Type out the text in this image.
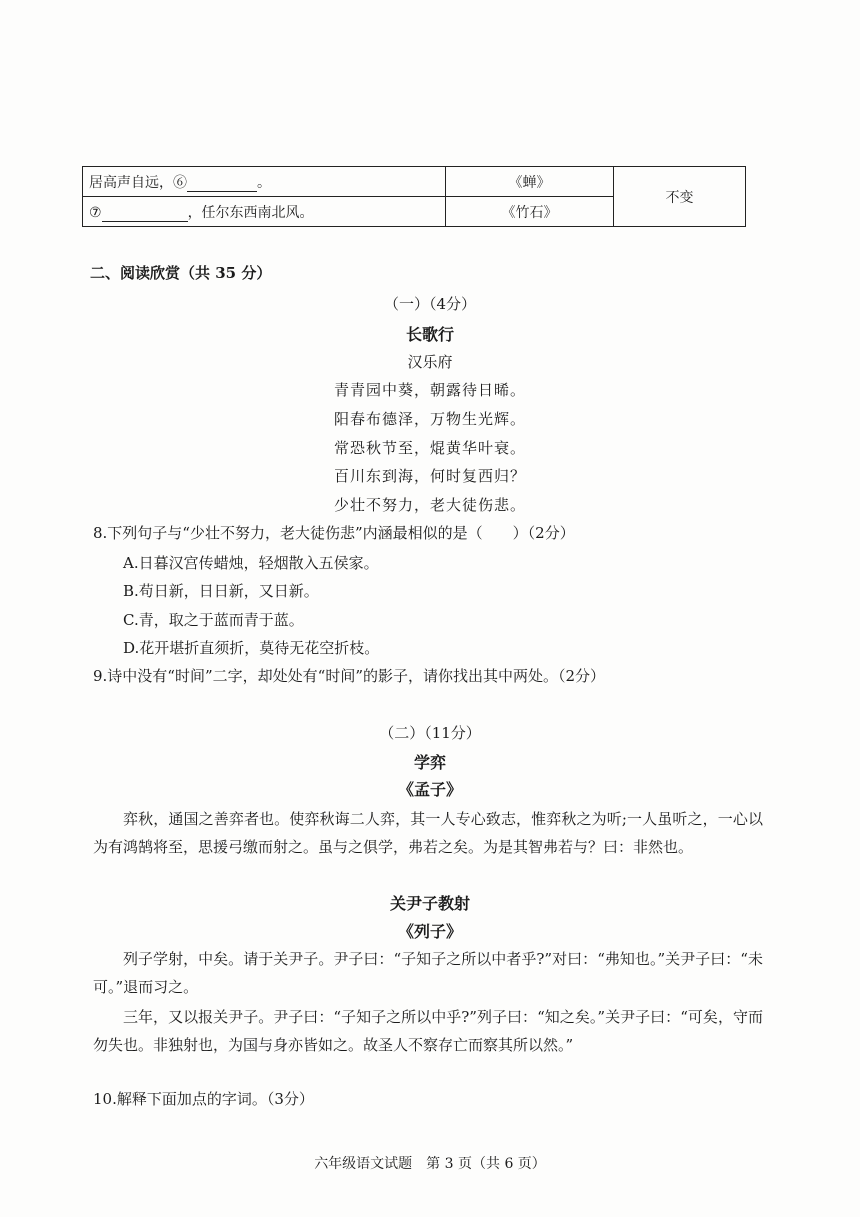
居高声自远，⑥ 。	《蝉》	不变
⑦ ，任尔东西南北风。	《竹石》	
二、阅读欣赏（共 35 分）
（一）（4分）
长歌行
汉乐府
青青园中葵，朝露待日晞。
阳春布德泽，万物生光辉。
常恐秋节至，焜黄华叶衰。
百川东到海，何时复西归？
少壮不努力，老大徒伤悲。
8.下列句子与“少壮不努力，老大徒伤悲”内涵最相似的是（　　）（2分）
A.日暮汉宫传蜡烛，轻烟散入五侯家。
B.苟日新，日日新，又日新。
C.青，取之于蓝而青于蓝。
D.花开堪折直须折，莫待无花空折枝。
9.诗中没有“时间”二字，却处处有“时间”的影子，请你找出其中两处。（2分）
（二）（11分）
学弈
《孟子》
弈秋，通国之善弈者也。使弈秋诲二人弈，其一人专心致志，惟弈秋之为听;一人虽听之，一心以为有鸿鹄将至，思援弓缴而射之。虽与之俱学，弗若之矣。为是其智弗若与？曰：非然也。
关尹子教射
《列子》
列子学射，中矣。请于关尹子。尹子曰：“子知子之所以中者乎?”对曰：“弗知也。”关尹子曰：“未可。”退而习之。
三年，又以报关尹子。尹子曰：“子知子之所以中乎?”列子曰：“知之矣。”关尹子曰：“可矣，守而勿失也。非独射也，为国与身亦皆如之。故圣人不察存亡而察其所以然。”
10.解释下面加点的字词。（3分）
六年级语文试题　第 3 页（共 6 页）
